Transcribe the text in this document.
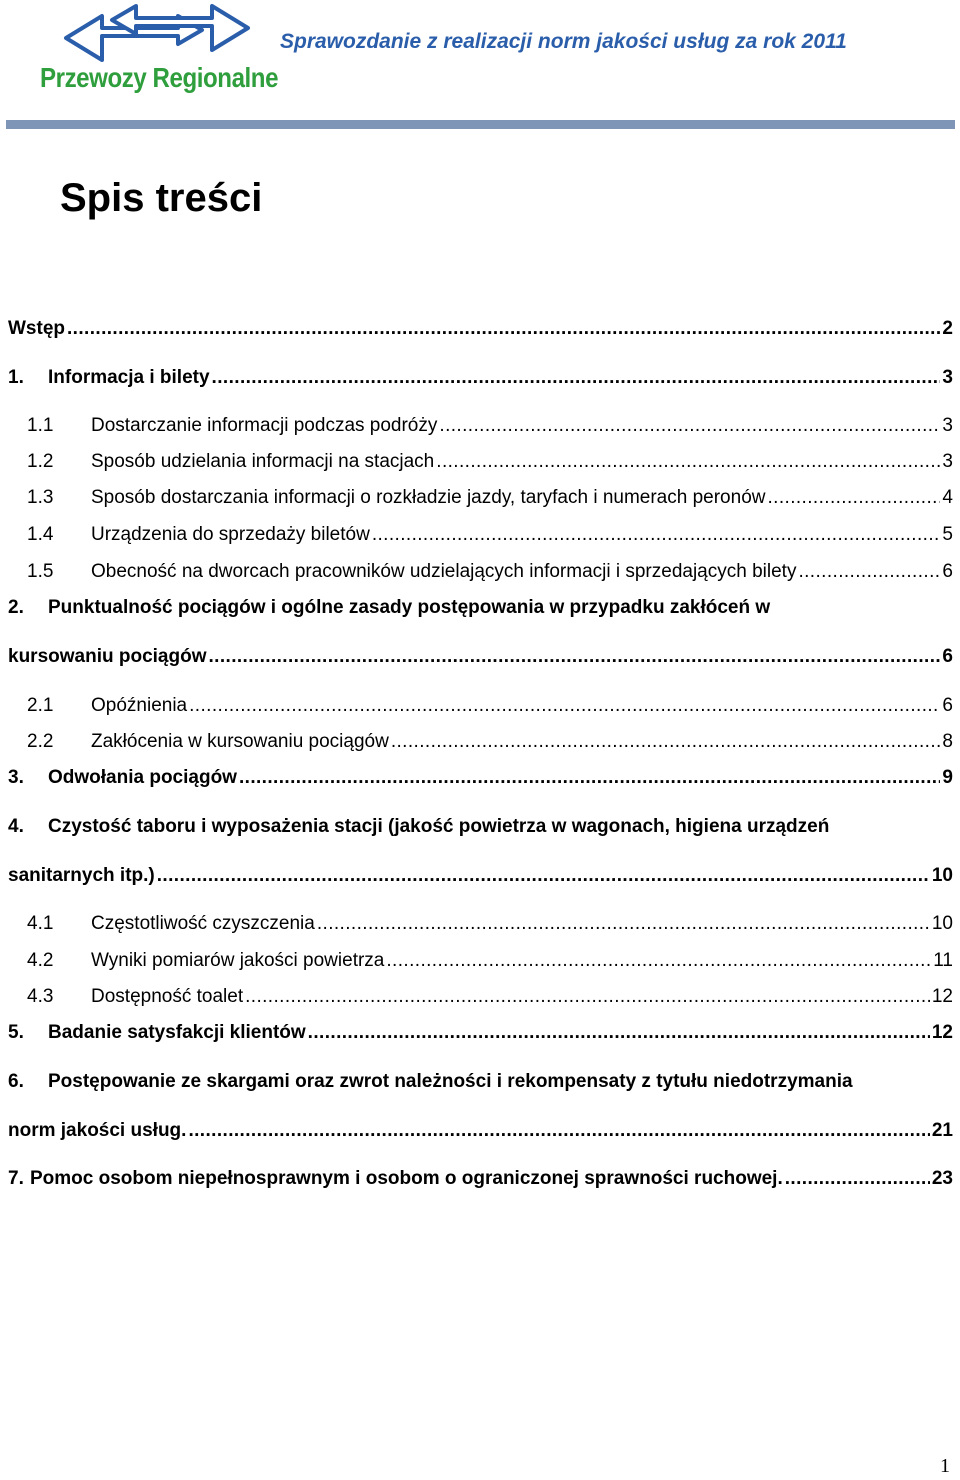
Przewozy Regionalne
Sprawozdanie z realizacji norm jakości usług za rok 2011
Spis treści
Wstęp .....	2
1.	Informacja i bilety .....	3
1.1	Dostarczanie informacji podczas podróży .....	3
1.2	Sposób udzielania informacji na stacjach .....	3
1.3	Sposób dostarczania informacji o rozkładzie jazdy, taryfach i numerach peronów .....	4
1.4	Urządzenia do sprzedaży biletów .....	5
1.5	Obecność na dworcach pracowników udzielających informacji i sprzedających bilety .....	6
2.	Punktualność pociągów i ogólne zasady postępowania w przypadku zakłóceń w
kursowaniu pociągów .....	6
2.1	Opóźnienia .....	6
2.2	Zakłócenia w kursowaniu pociągów .....	8
3.	Odwołania pociągów .....	9
4.	Czystość taboru i wyposażenia stacji (jakość powietrza w wagonach, higiena urządzeń
sanitarnych itp.) .....	10
4.1	Częstotliwość czyszczenia .....	10
4.2	Wyniki pomiarów jakości powietrza .....	11
4.3	Dostępność toalet .....	12
5.	Badanie satysfakcji klientów .....	12
6.	Postępowanie ze skargami oraz zwrot należności i rekompensaty z tytułu niedotrzymania
norm jakości usług. .....	21
7. Pomoc osobom niepełnosprawnym i osobom o ograniczonej sprawności ruchowej. .....	23
1
